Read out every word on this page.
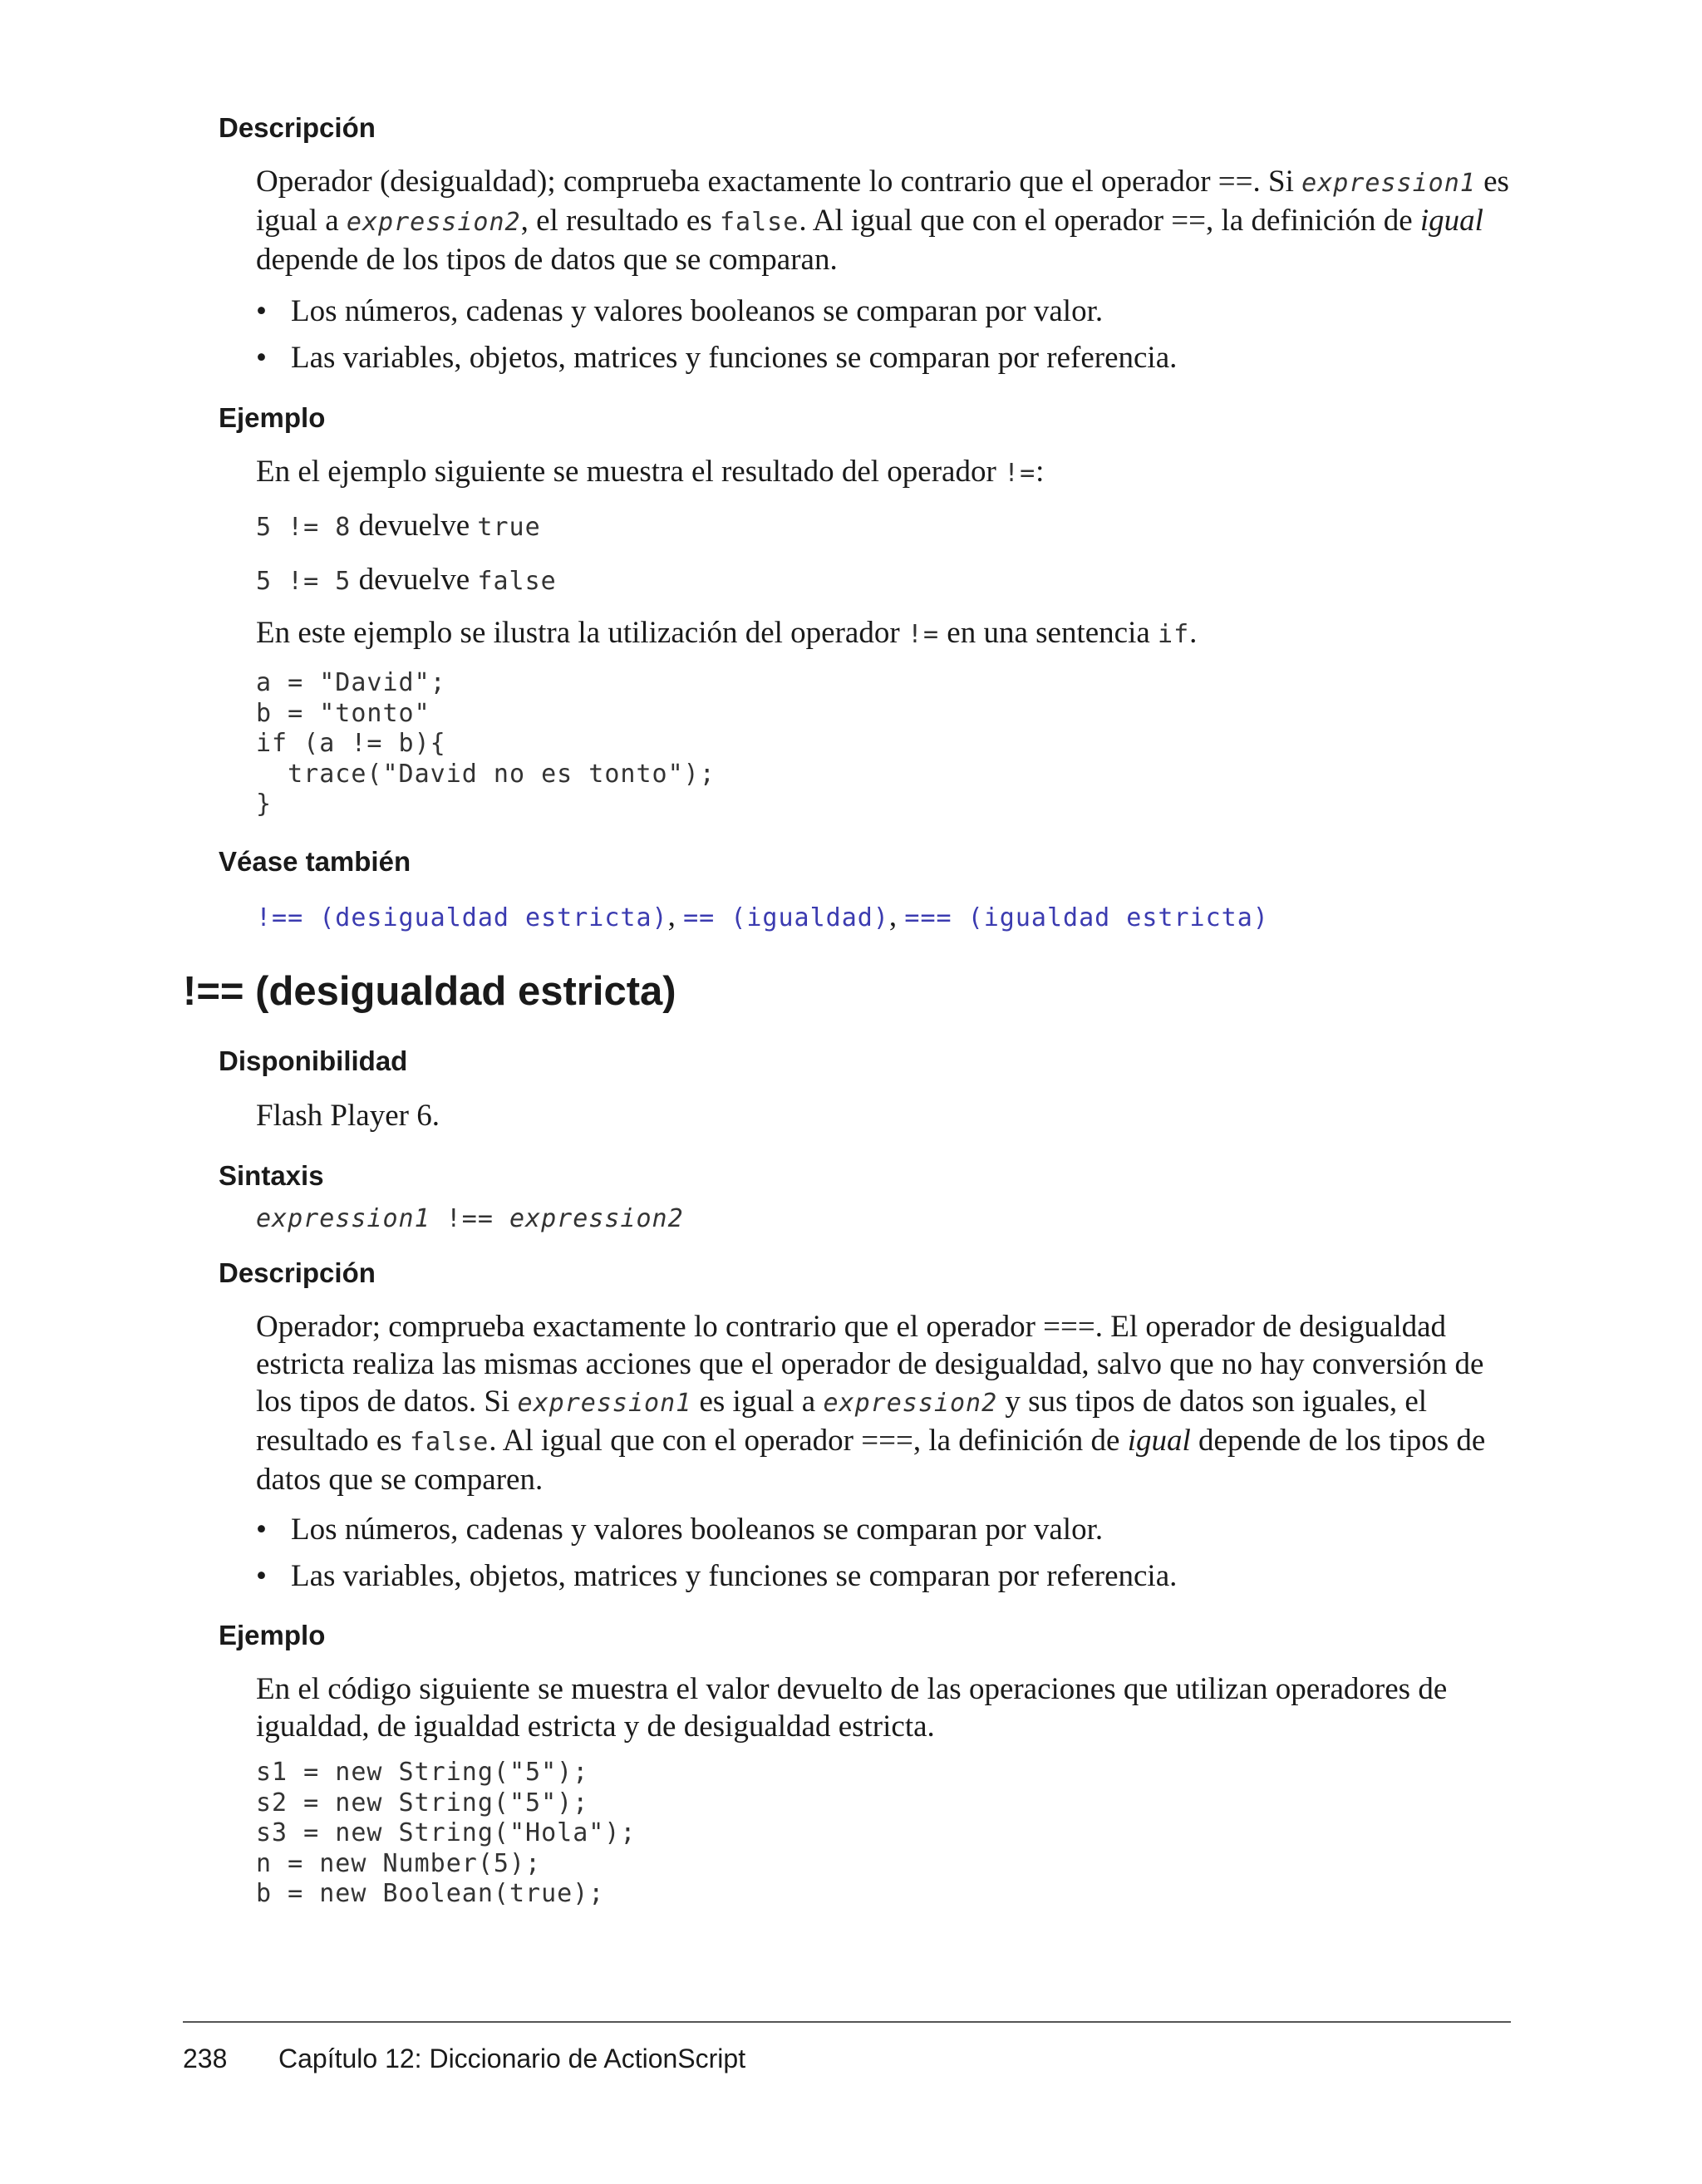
Descripción

Operador (desigualdad); comprueba exactamente lo contrario que el operador ==. Si expression1 es igual a expression2, el resultado es false. Al igual que con el operador ==, la definición de igual depende de los tipos de datos que se comparan.

• Los números, cadenas y valores booleanos se comparan por valor.
• Las variables, objetos, matrices y funciones se comparan por referencia.
Ejemplo

En el ejemplo siguiente se muestra el resultado del operador !=:

5 != 8 devuelve true

5 != 5 devuelve false

En este ejemplo se ilustra la utilización del operador != en una sentencia if.

a = "David";
b = "tonto"
if (a != b){
trace("David no es tonto");
}
Véase también
!== (desigualdad estricta), == (igualdad), === (igualdad estricta)
!== (desigualdad estricta)
Disponibilidad

Flash Player 6.

Sintaxis

expression1 !== expression2

Descripción

Operador; comprueba exactamente lo contrario que el operador ===. El operador de desigualdad estricta realiza las mismas acciones que el operador de desigualdad, salvo que no hay conversión de los tipos de datos. Si expression1 es igual a expression2 y sus tipos de datos son iguales, el resultado es false. Al igual que con el operador ===, la definición de igual depende de los tipos de datos que se comparen.

• Los números, cadenas y valores booleanos se comparan por valor.
• Las variables, objetos, matrices y funciones se comparan por referencia.
Ejemplo

En el código siguiente se muestra el valor devuelto de las operaciones que utilizan operadores de igualdad, de igualdad estricta y de desigualdad estricta.

s1 = new String("5");
s2 = new String("5");
s3 = new String("Hola");
n = new Number(5);
b = new Boolean(true);
238 Capítulo 12: Diccionario de ActionScript
